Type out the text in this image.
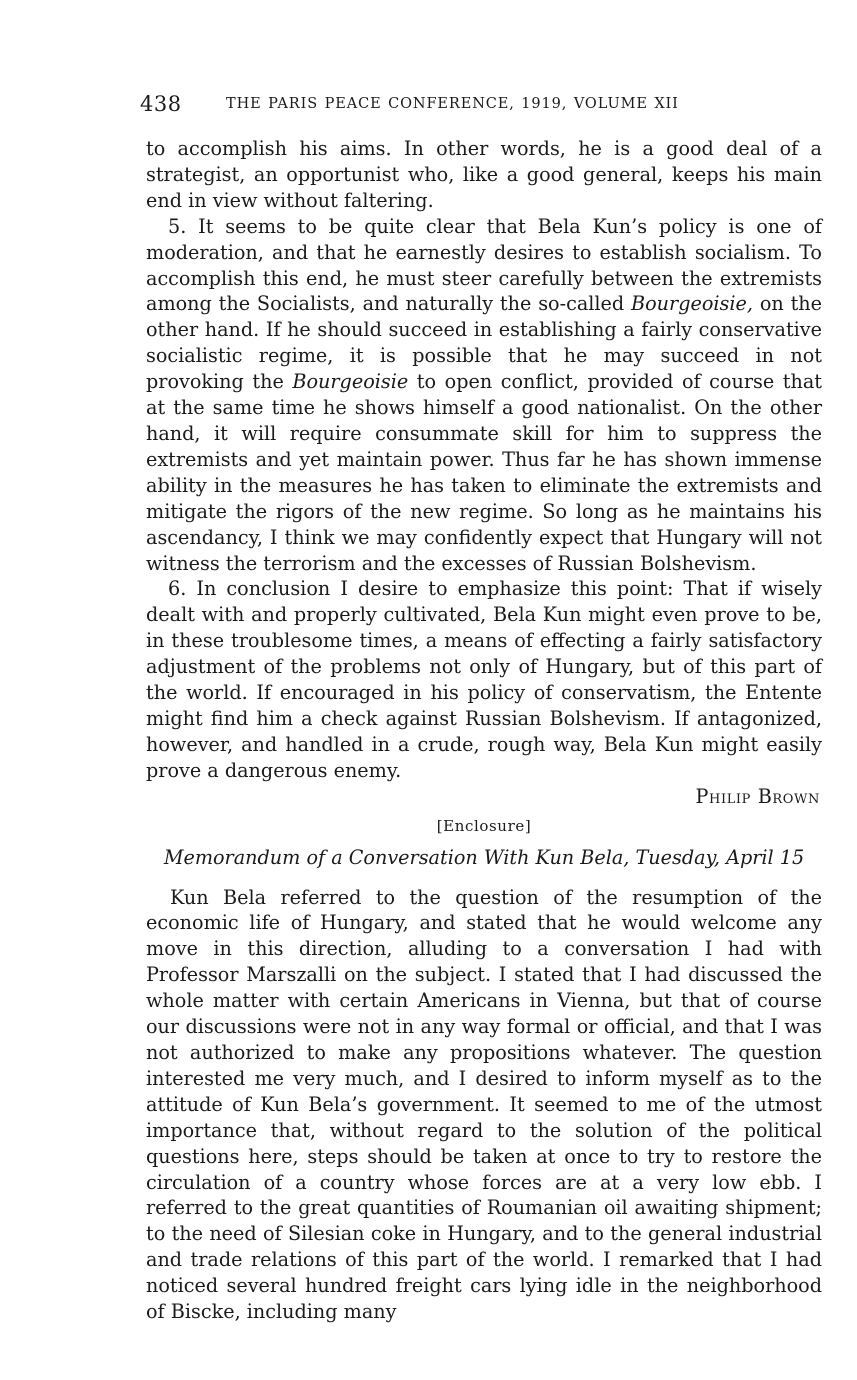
438	THE PARIS PEACE CONFERENCE, 1919, VOLUME XII

to accomplish his aims. In other words, he is a good deal of a strategist, an opportunist who, like a good general, keeps his main end in view without faltering.

5. It seems to be quite clear that Bela Kun’s policy is one of moderation, and that he earnestly desires to establish socialism. To accomplish this end, he must steer carefully between the extremists among the Socialists, and naturally the so-called Bourgeoisie, on the other hand. If he should succeed in establishing a fairly conservative socialistic regime, it is possible that he may succeed in not provoking the Bourgeoisie to open conflict, provided of course that at the same time he shows himself a good nationalist. On the other hand, it will require consummate skill for him to suppress the extremists and yet maintain power. Thus far he has shown immense ability in the measures he has taken to eliminate the extremists and mitigate the rigors of the new regime. So long as he maintains his ascendancy, I think we may confidently expect that Hungary will not witness the terrorism and the excesses of Russian Bolshevism.

6. In conclusion I desire to emphasize this point: That if wisely dealt with and properly cultivated, Bela Kun might even prove to be, in these troublesome times, a means of effecting a fairly satisfactory adjustment of the problems not only of Hungary, but of this part of the world. If encouraged in his policy of conservatism, the Entente might find him a check against Russian Bolshevism. If antagonized, however, and handled in a crude, rough way, Bela Kun might easily prove a dangerous enemy.

Philip Brown

[Enclosure]

Memorandum of a Conversation With Kun Bela, Tuesday, April 15

Kun Bela referred to the question of the resumption of the economic life of Hungary, and stated that he would welcome any move in this direction, alluding to a conversation I had with Professor Marszalli on the subject. I stated that I had discussed the whole matter with certain Americans in Vienna, but that of course our discussions were not in any way formal or official, and that I was not authorized to make any propositions whatever. The question interested me very much, and I desired to inform myself as to the attitude of Kun Bela’s government. It seemed to me of the utmost importance that, without regard to the solution of the political questions here, steps should be taken at once to try to restore the circulation of a country whose forces are at a very low ebb. I referred to the great quantities of Roumanian oil awaiting shipment; to the need of Silesian coke in Hungary, and to the general industrial and trade relations of this part of the world. I remarked that I had noticed several hundred freight cars lying idle in the neighborhood of Biscke, including many
